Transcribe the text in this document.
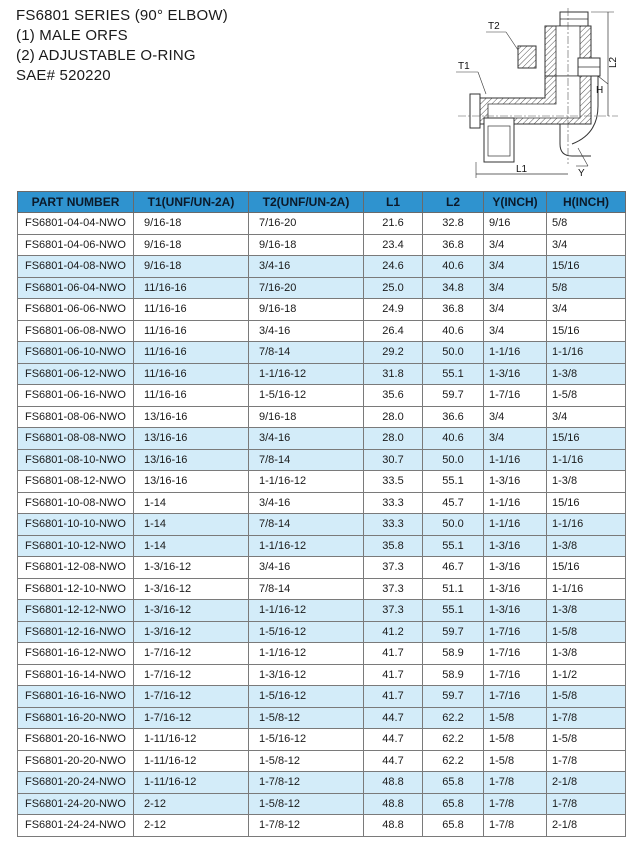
FS6801 SERIES (90° ELBOW)
(1) MALE ORFS
(2) ADJUSTABLE O-RING
SAE# 520220
T1
T2
H
L2
L1	Y
PART NUMBER	T1(UNF/UN-2A)	T2(UNF/UN-2A)	L1	L2	Y(INCH)	H(INCH)
FS6801-04-04-NWO	9/16-18	7/16-20	21.6	32.8	9/16	5/8
FS6801-04-06-NWO	9/16-18	9/16-18	23.4	36.8	3/4	3/4
FS6801-04-08-NWO	9/16-18	3/4-16	24.6	40.6	3/4	15/16
FS6801-06-04-NWO	11/16-16	7/16-20	25.0	34.8	3/4	5/8
FS6801-06-06-NWO	11/16-16	9/16-18	24.9	36.8	3/4	3/4
FS6801-06-08-NWO	11/16-16	3/4-16	26.4	40.6	3/4	15/16
FS6801-06-10-NWO	11/16-16	7/8-14	29.2	50.0	1-1/16	1-1/16
FS6801-06-12-NWO	11/16-16	1-1/16-12	31.8	55.1	1-3/16	1-3/8
FS6801-06-16-NWO	11/16-16	1-5/16-12	35.6	59.7	1-7/16	1-5/8
FS6801-08-06-NWO	13/16-16	9/16-18	28.0	36.6	3/4	3/4
FS6801-08-08-NWO	13/16-16	3/4-16	28.0	40.6	3/4	15/16
FS6801-08-10-NWO	13/16-16	7/8-14	30.7	50.0	1-1/16	1-1/16
FS6801-08-12-NWO	13/16-16	1-1/16-12	33.5	55.1	1-3/16	1-3/8
FS6801-10-08-NWO	1-14	3/4-16	33.3	45.7	1-1/16	15/16
FS6801-10-10-NWO	1-14	7/8-14	33.3	50.0	1-1/16	1-1/16
FS6801-10-12-NWO	1-14	1-1/16-12	35.8	55.1	1-3/16	1-3/8
FS6801-12-08-NWO	1-3/16-12	3/4-16	37.3	46.7	1-3/16	15/16
FS6801-12-10-NWO	1-3/16-12	7/8-14	37.3	51.1	1-3/16	1-1/16
FS6801-12-12-NWO	1-3/16-12	1-1/16-12	37.3	55.1	1-3/16	1-3/8
FS6801-12-16-NWO	1-3/16-12	1-5/16-12	41.2	59.7	1-7/16	1-5/8
FS6801-16-12-NWO	1-7/16-12	1-1/16-12	41.7	58.9	1-7/16	1-3/8
FS6801-16-14-NWO	1-7/16-12	1-3/16-12	41.7	58.9	1-7/16	1-1/2
FS6801-16-16-NWO	1-7/16-12	1-5/16-12	41.7	59.7	1-7/16	1-5/8
FS6801-16-20-NWO	1-7/16-12	1-5/8-12	44.7	62.2	1-5/8	1-7/8
FS6801-20-16-NWO	1-11/16-12	1-5/16-12	44.7	62.2	1-5/8	1-5/8
FS6801-20-20-NWO	1-11/16-12	1-5/8-12	44.7	62.2	1-5/8	1-7/8
FS6801-20-24-NWO	1-11/16-12	1-7/8-12	48.8	65.8	1-7/8	2-1/8
FS6801-24-20-NWO	2-12	1-5/8-12	48.8	65.8	1-7/8	1-7/8
FS6801-24-24-NWO	2-12	1-7/8-12	48.8	65.8	1-7/8	2-1/8
